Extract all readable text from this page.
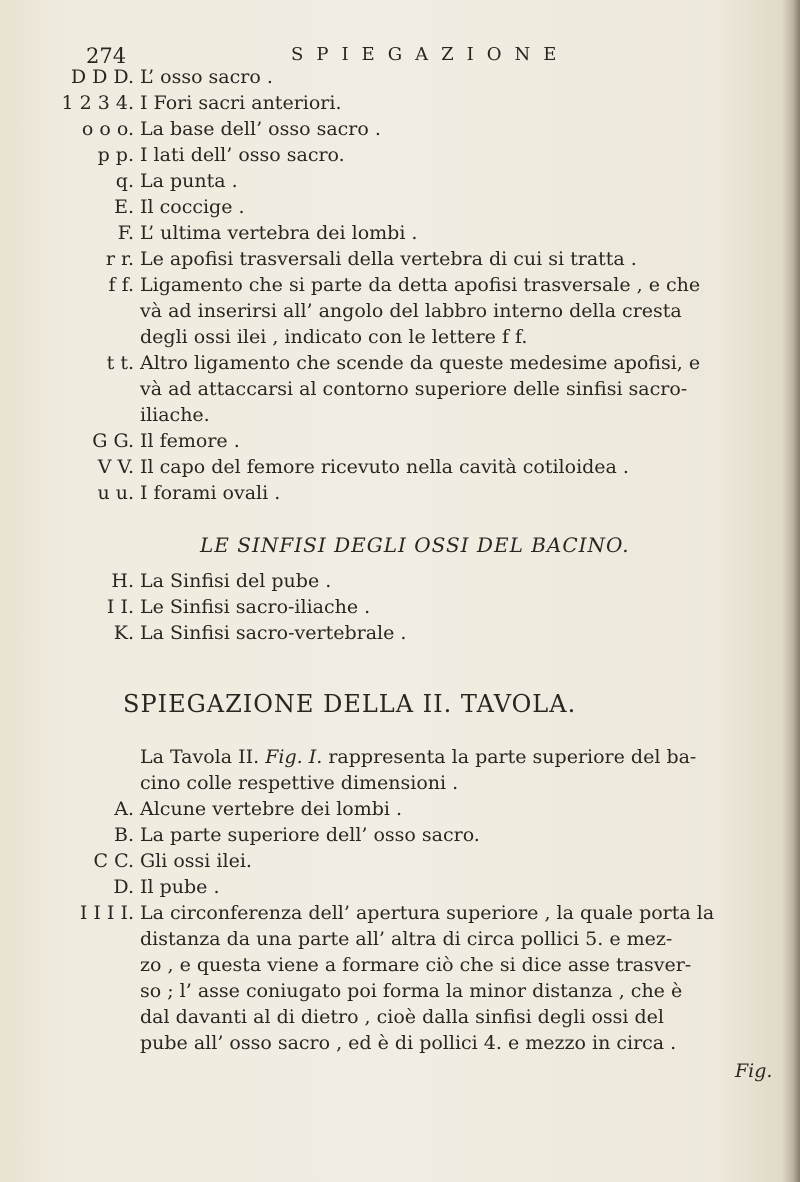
274	SPIEGAZIONE
D D D. L’ osso sacro .
1 2 3 4. I Fori sacri anteriori.
o o o. La base dell’ osso sacro .
p p. I lati dell’ osso sacro.
q. La punta .
E. Il coccige .
F. L’ ultima vertebra dei lombi .
r r. Le apofisi trasversali della vertebra di cui si tratta .
f f. Ligamento che si parte da detta apofisi trasversale , e che
và ad inserirsi all’ angolo del labbro interno della cresta
degli ossi ilei , indicato con le lettere f f.
t t. Altro ligamento che scende da queste medesime apofisi, e
và ad attaccarsi al contorno superiore delle sinfisi sacro-
iliache.
G G. Il femore .
V V. Il capo del femore ricevuto nella cavità cotiloidea .
u u. I forami ovali .
H. La Sinfisi del pube .
I I. Le Sinfisi sacro-iliache .
K. La Sinfisi sacro-vertebrale .
LE SINFISI DEGLI OSSI DEL BACINO.
SPIEGAZIONE DELLA II. TAVOLA.
La Tavola II. Fig. I. rappresenta la parte superiore del ba-
cino colle respettive dimensioni .
A. Alcune vertebre dei lombi .
B. La parte superiore dell’ osso sacro.
C C. Gli ossi ilei.
D. Il pube .
I I I I. La circonferenza dell’ apertura superiore , la quale porta la
distanza da una parte all’ altra di circa pollici 5. e mez-
zo , e questa viene a formare ciò che si dice asse trasver-
so ; l’ asse coniugato poi forma la minor distanza , che è
dal davanti al di dietro , cioè dalla sinfisi degli ossi del
pube all’ osso sacro , ed è di pollici 4. e mezzo in circa .
Fig.
